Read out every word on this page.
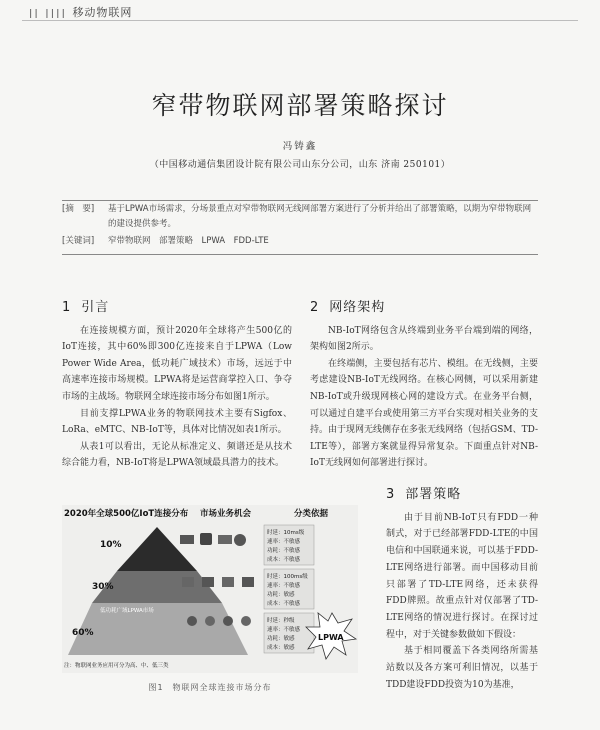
|| |||| 移动物联网
窄带物联网部署策略探讨
冯铸鑫
（中国移动通信集团设计院有限公司山东分公司，山东 济南 250101）
[摘　要]	基于LPWA市场需求，分场景重点对窄带物联网无线网部署方案进行了分析并给出了部署策略，以期为窄带物联网的建设提供参考。
[关键词]	窄带物联网　部署策略　LPWA　FDD-LTE
1 引言

在连接规模方面，预计2020年全球将产生500亿的IoT连接，其中60%即300亿连接来自于LPWA（Low Power Wide Area，低功耗广域技术）市场，远远于中高速率连接市场规模。LPWA将是运营商掌控入口、争夺市场的主战场。物联网全球连接市场分布如图1所示。

目前支撑LPWA业务的物联网技术主要有Sigfox、LoRa、eMTC、NB-IoT等，具体对比情况如表1所示。

从表1可以看出，无论从标准定义、频谱还是从技术综合能力看，NB-IoT将是LPWA领域最具潜力的技术。

2 网络架构

NB-IoT网络包含从终端到业务平台端到端的网络，架构如图2所示。

在终端侧，主要包括有芯片、模组。在无线侧，主要考虑建设NB-IoT无线网络。在核心网侧，可以采用新建NB-IoT或升级现网核心网的建设方式。在业务平台侧，可以通过自建平台或使用第三方平台实现对相关业务的支持。由于现网无线侧存在多张无线网络（包括GSM、TD-LTE等），部署方案就显得异常复杂。下面重点针对NB-IoT无线网如何部署进行探讨。

2020年全球500亿IoT连接分布 市场业务机会	分类依据
10%
30%
60%
低功耗广域LPWA市场
时延：10ms级
速率：不敏感
功耗：不敏感
成本：不敏感
时延：100ms级
速率：不敏感
功耗：敏感
成本：不敏感
时延：秒级
速率：不敏感
功耗：敏感
成本：敏感
LPWA
注：物联网业务应用可分为高、中、低三类
图1　物联网全球连接市场分布
3 部署策略

由于目前NB-IoT只有FDD一种制式，对于已经部署FDD-LTE的中国电信和中国联通来说，可以基于FDD-LTE网络进行部署。而中国移动目前只部署了TD-LTE网络，还未获得FDD牌照。故重点针对仅部署了TD-LTE网络的情况进行探讨。在探讨过程中，对于关键参数做如下假设：

基于相同覆盖下各类网络所需基站数以及各方案可利旧情况，以基于TDD建设FDD投资为10为基准，
